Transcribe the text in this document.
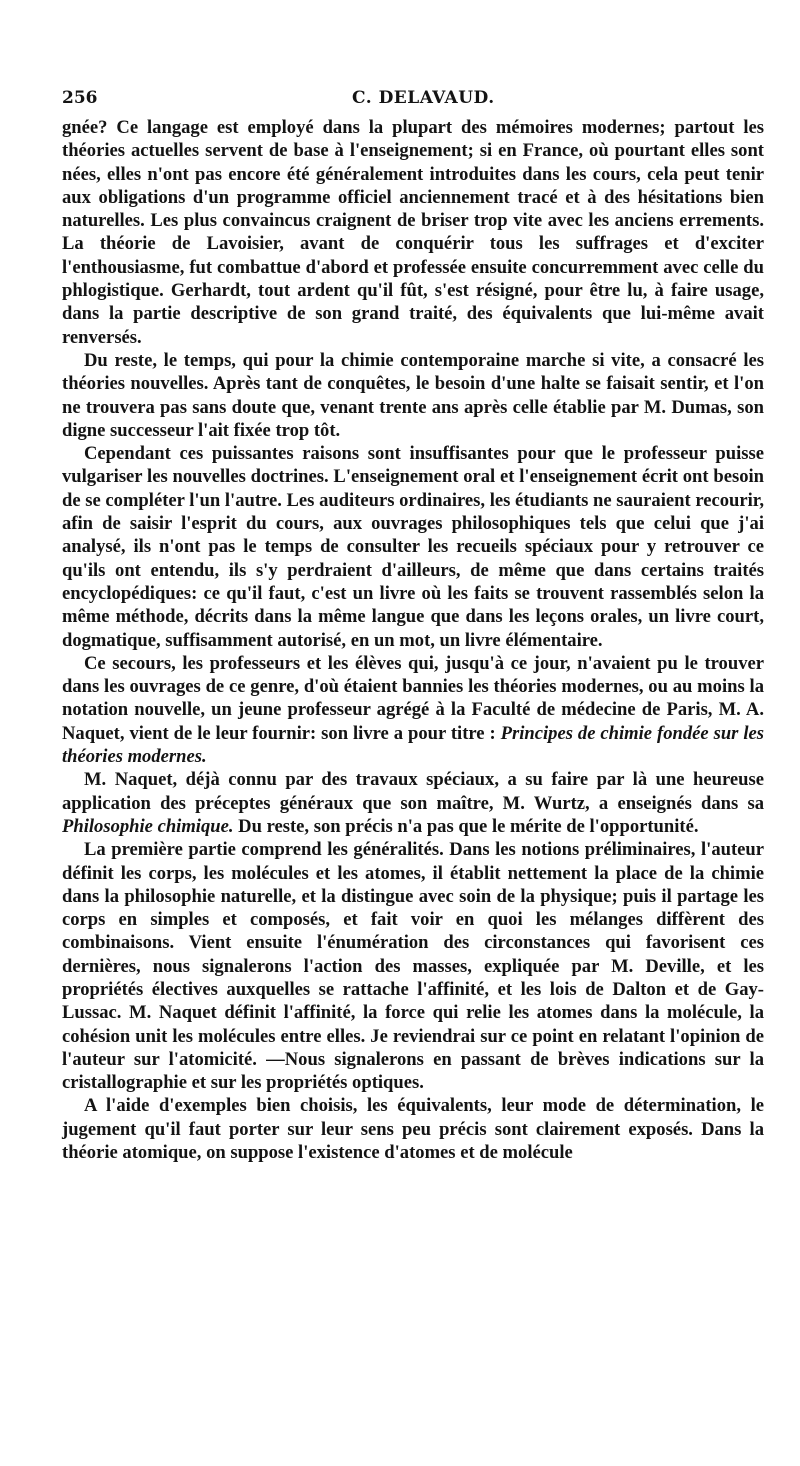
256	C. DELAVAUD.

gnée? Ce langage est employé dans la plupart des mémoires modernes; partout les théories actuelles servent de base à l'enseignement; si en France, où pourtant elles sont nées, elles n'ont pas encore été généralement introduites dans les cours, cela peut tenir aux obligations d'un programme officiel anciennement tracé et à des hésitations bien naturelles. Les plus convaincus craignent de briser trop vite avec les anciens errements. La théorie de Lavoisier, avant de conquérir tous les suffrages et d'exciter l'enthousiasme, fut combattue d'abord et professée ensuite concurremment avec celle du phlogistique. Gerhardt, tout ardent qu'il fût, s'est résigné, pour être lu, à faire usage, dans la partie descriptive de son grand traité, des équivalents que lui-même avait renversés.

Du reste, le temps, qui pour la chimie contemporaine marche si vite, a consacré les théories nouvelles. Après tant de conquêtes, le besoin d'une halte se faisait sentir, et l'on ne trouvera pas sans doute que, venant trente ans après celle établie par M. Dumas, son digne successeur l'ait fixée trop tôt.

Cependant ces puissantes raisons sont insuffisantes pour que le professeur puisse vulgariser les nouvelles doctrines. L'enseignement oral et l'enseignement écrit ont besoin de se compléter l'un l'autre. Les auditeurs ordinaires, les étudiants ne sauraient recourir, afin de saisir l'esprit du cours, aux ouvrages philosophiques tels que celui que j'ai analysé, ils n'ont pas le temps de consulter les recueils spéciaux pour y retrouver ce qu'ils ont entendu, ils s'y perdraient d'ailleurs, de même que dans certains traités encyclopédiques: ce qu'il faut, c'est un livre où les faits se trouvent rassemblés selon la même méthode, décrits dans la même langue que dans les leçons orales, un livre court, dogmatique, suffisamment autorisé, en un mot, un livre élémentaire.

Ce secours, les professeurs et les élèves qui, jusqu'à ce jour, n'avaient pu le trouver dans les ouvrages de ce genre, d'où étaient bannies les théories modernes, ou au moins la notation nouvelle, un jeune professeur agrégé à la Faculté de médecine de Paris, M. A. Naquet, vient de le leur fournir: son livre a pour titre : Principes de chimie fondée sur les théories modernes.

M. Naquet, déjà connu par des travaux spéciaux, a su faire par là une heureuse application des préceptes généraux que son maître, M. Wurtz, a enseignés dans sa Philosophie chimique. Du reste, son précis n'a pas que le mérite de l'opportunité.

La première partie comprend les généralités. Dans les notions préliminaires, l'auteur définit les corps, les molécules et les atomes, il établit nettement la place de la chimie dans la philosophie naturelle, et la distingue avec soin de la physique; puis il partage les corps en simples et composés, et fait voir en quoi les mélanges diffèrent des combinaisons. Vient ensuite l'énumération des circonstances qui favorisent ces dernières, nous signalerons l'action des masses, expliquée par M. Deville, et les propriétés électives auxquelles se rattache l'affinité, et les lois de Dalton et de Gay-Lussac. M. Naquet définit l'affinité, la force qui relie les atomes dans la molécule, la cohésion unit les molécules entre elles. Je reviendrai sur ce point en relatant l'opinion de l'auteur sur l'atomicité. —Nous signalerons en passant de brèves indications sur la cristallographie et sur les propriétés optiques.

A l'aide d'exemples bien choisis, les équivalents, leur mode de détermination, le jugement qu'il faut porter sur leur sens peu précis sont clairement exposés. Dans la théorie atomique, on suppose l'existence d'atomes et de molécule
